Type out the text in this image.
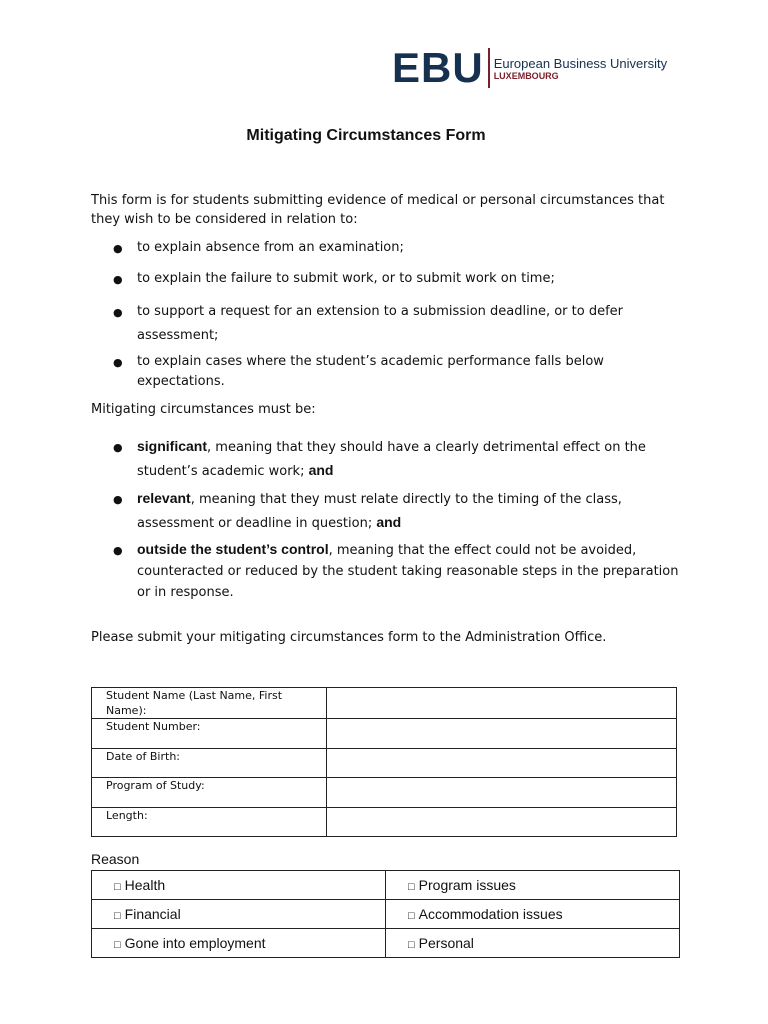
EBU European Business University
LUXEMBOURG
Mitigating Circumstances Form
This form is for students submitting evidence of medical or personal circumstances that they wish to be considered in relation to:
● to explain absence from an examination;
● to explain the failure to submit work, or to submit work on time;
● to support a request for an extension to a submission deadline, or to defer assessment;
● to explain cases where the student’s academic performance falls below expectations.
Mitigating circumstances must be:
● significant, meaning that they should have a clearly detrimental effect on the student’s academic work; and
● relevant, meaning that they must relate directly to the timing of the class, assessment or deadline in question; and
● outside the student’s control, meaning that the effect could not be avoided, counteracted or reduced by the student taking reasonable steps in the preparation or in response.
Please submit your mitigating circumstances form to the Administration Office.
Student Name (Last Name, First Name):	
Student Number:	
Date of Birth:	
Program of Study:	
Length:	
Reason
□ Health	□ Program issues
□ Financial	□ Accommodation issues
□ Gone into employment	□ Personal
